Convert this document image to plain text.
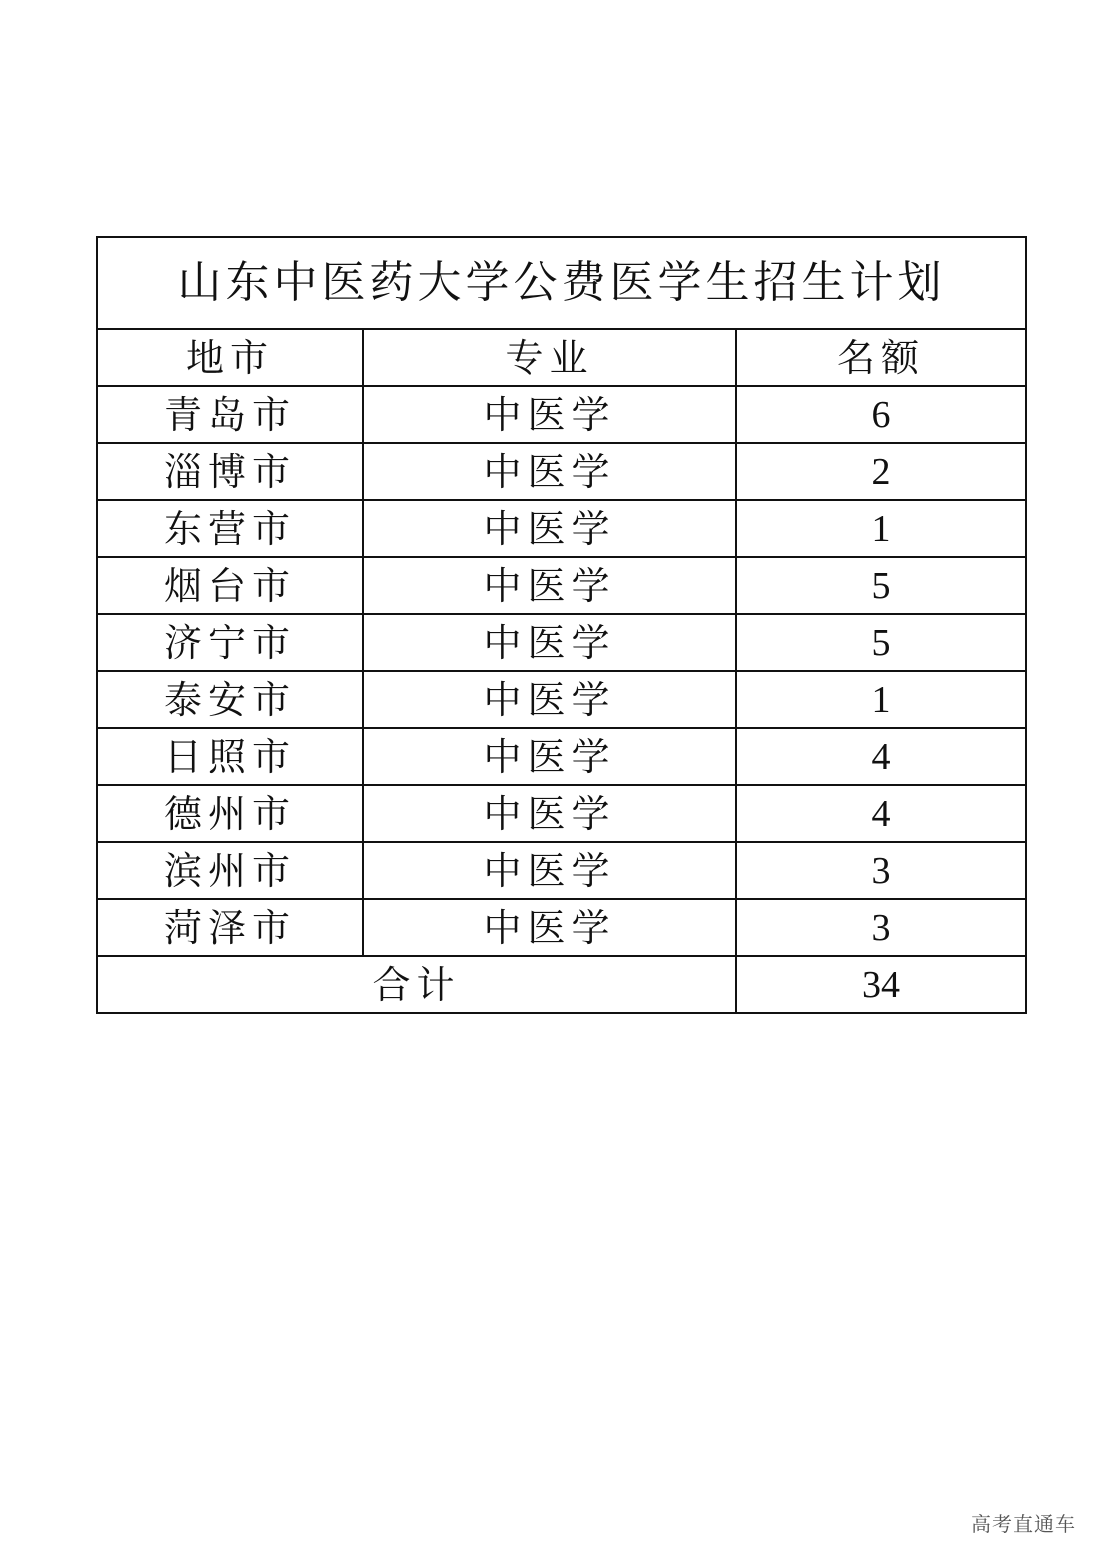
山东中医药大学公费医学生招生计划		
地市	专业	名额
青岛市	中医学	6
淄博市	中医学	2
东营市	中医学	1
烟台市	中医学	5
济宁市	中医学	5
泰安市	中医学	1
日照市	中医学	4
德州市	中医学	4
滨州市	中医学	3
菏泽市	中医学	3
合计		34
高考直通车
